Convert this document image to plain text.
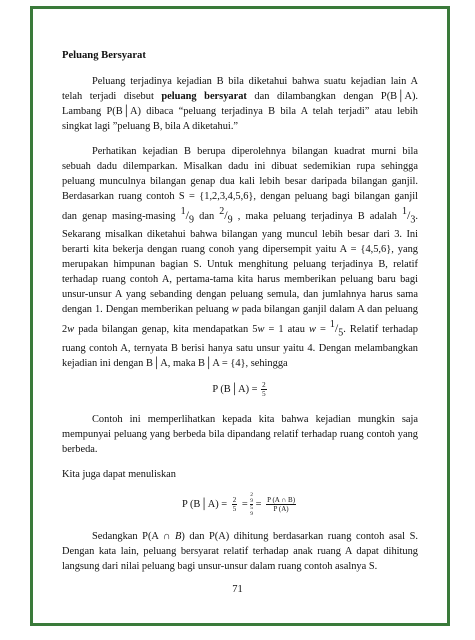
Peluang Bersyarat

Peluang terjadinya kejadian B bila diketahui bahwa suatu kejadian lain A telah terjadi disebut peluang bersyarat dan dilambangkan dengan P(B│A). Lambang P(B│A) dibaca “peluang terjadinya B bila A telah terjadi” atau lebih singkat lagi ”peluang B, bila A diketahui.”

Perhatikan kejadian B berupa diperolehnya bilangan kuadrat murni bila sebuah dadu dilemparkan. Misalkan dadu ini dibuat sedemikian rupa sehingga peluang munculnya bilangan genap dua kali lebih besar daripada bilangan ganjil. Berdasarkan ruang contoh S = {1,2,3,4,5,6}, dengan peluang bagi bilangan ganjil dan genap masing-masing $^1/_9$ dan $^2/_9$ , maka peluang terjadinya B adalah $^1/_3$. Sekarang misalkan diketahui bahwa bilangan yang muncul lebih besar dari 3. Ini berarti kita bekerja dengan ruang conoh yang dipersempit yaitu A = {4,5,6}, yang merupakan himpunan bagian S. Untuk menghitung peluang terjadinya B, relatif terhadap ruang contoh A, pertama-tama kita harus memberikan peluang baru bagi unsur-unsur A yang sebanding dengan peluang semula, dan jumlahnya harus sama dengan 1. Dengan memberikan peluang w pada bilangan ganjil dalam A dan peluang 2w pada bilangan genap, kita mendapatkan 5w = 1 atau $w = ^1/_5$. Relatif terhadap ruang contoh A, ternyata B berisi hanya satu unsur yaitu 4. Dengan melambangkan kejadian ini dengan B│A, maka B│A = {4}, sehingga

P (B│A) = $\frac{2}{5}$

Contoh ini memperlihatkan kepada kita bahwa kejadian mungkin saja mempunyai peluang yang berbeda bila dipandang relatif terhadap ruang contoh yang berbeda.

Kita juga dapat menuliskan

P (B│A) = $\frac{2}{5}$ =
2
9
5
9
= $\frac{P (A \cap B)}{P (A)}$

Sedangkan P(A ∩ B) dan P(A) dihitung berdasarkan ruang contoh asal S. Dengan kata lain, peluang bersyarat relatif terhadap anak ruang A dapat dihitung langsung dari nilai peluang bagi unsur-unsur dalam ruang contoh asalnya S.

71
